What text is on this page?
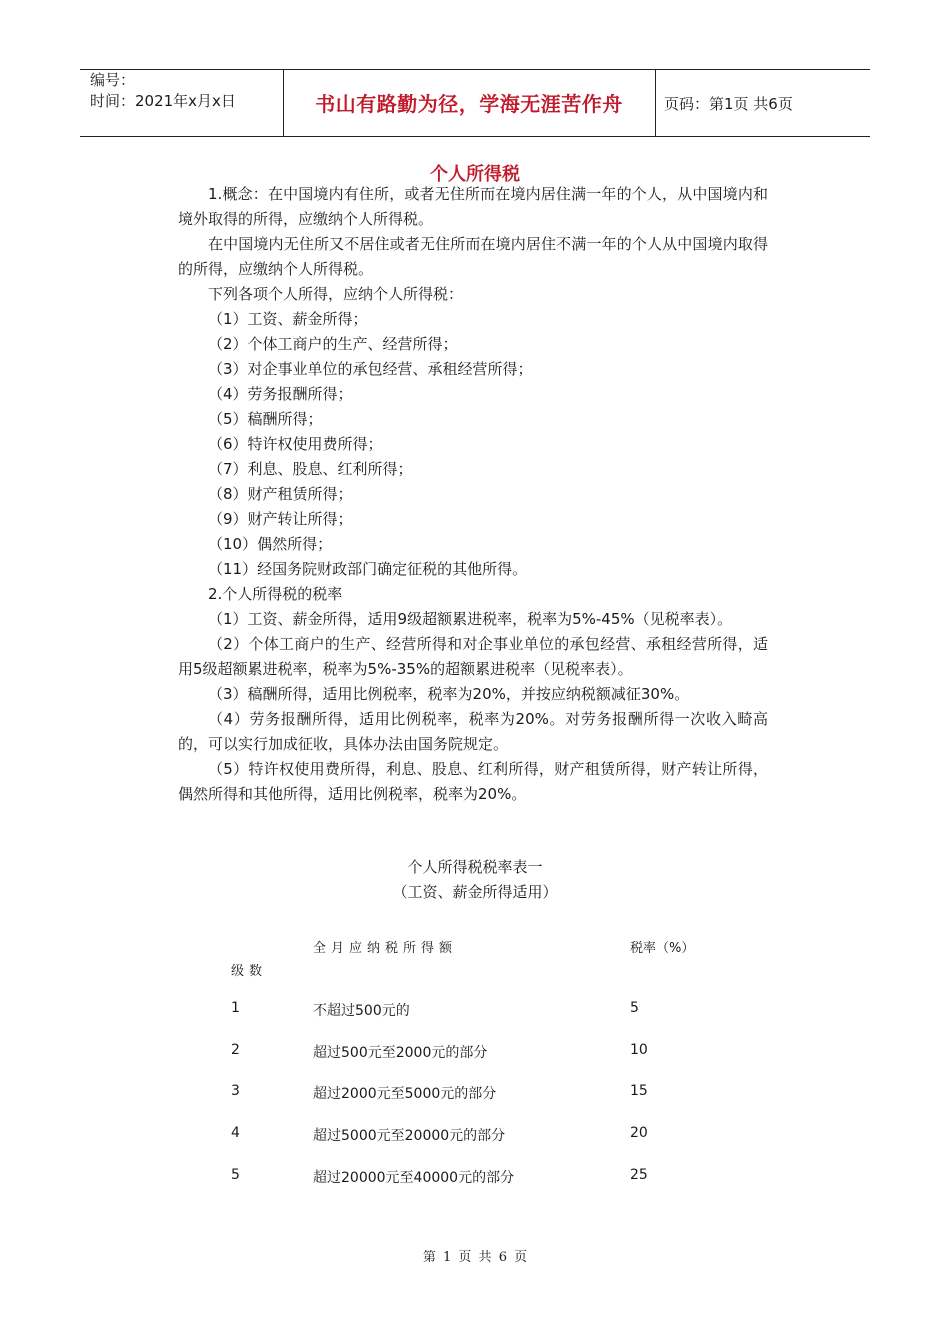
编号：
时间：2021年x月x日	书山有路勤为径，学海无涯苦作舟	页码：第1页 共6页
个人所得税

1.概念：在中国境内有住所，或者无住所而在境内居住满一年的个人，从中国境内和境外取得的所得，应缴纳个人所得税。

在中国境内无住所又不居住或者无住所而在境内居住不满一年的个人从中国境内取得的所得，应缴纳个人所得税。

下列各项个人所得，应纳个人所得税：

（1）工资、薪金所得；

（2）个体工商户的生产、经营所得；

（3）对企事业单位的承包经营、承租经营所得；

（4）劳务报酬所得；

（5）稿酬所得；

（6）特许权使用费所得；

（7）利息、股息、红利所得；

（8）财产租赁所得；

（9）财产转让所得；

（10）偶然所得；

（11）经国务院财政部门确定征税的其他所得。

2.个人所得税的税率

（1）工资、薪金所得，适用9级超额累进税率，税率为5%-45%（见税率表）。

（2）个体工商户的生产、经营所得和对企事业单位的承包经营、承租经营所得，适用5级超额累进税率，税率为5%-35%的超额累进税率（见税率表）。

（3）稿酬所得，适用比例税率，税率为20%，并按应纳税额减征30%。

（4）劳务报酬所得，适用比例税率，税率为20%。对劳务报酬所得一次收入畸高的，可以实行加成征收，具体办法由国务院规定。

（5）特许权使用费所得，利息、股息、红利所得，财产租赁所得，财产转让所得，偶然所得和其他所得，适用比例税率，税率为20%。

个人所得税税率表一
（工资、薪金所得适用）
全月应纳税所得额	税率（%）
级数
1	不超过500元的	5
2	超过500元至2000元的部分	10
3	超过2000元至5000元的部分	15
4	超过5000元至20000元的部分	20
5	超过20000元至40000元的部分	25
第 1 页 共 6 页
